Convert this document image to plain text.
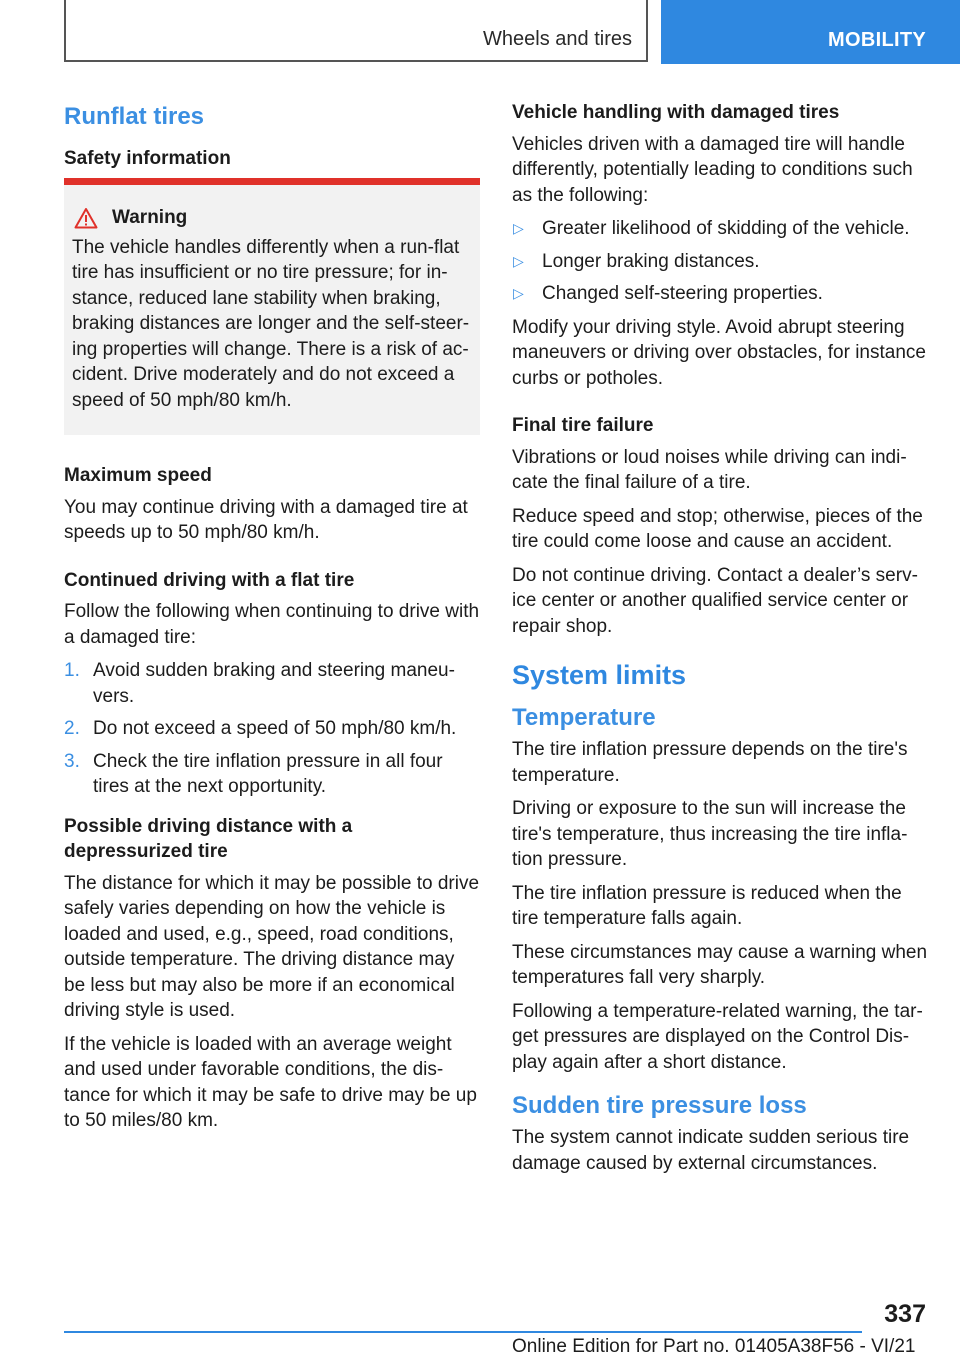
Wheels and tires	MOBILITY
Runflat tires
Safety information
Warning

The vehicle handles differently when a run-flat tire has insufficient or no tire pressure; for in-stance, reduced lane stability when braking, braking distances are longer and the self-steer-ing properties will change. There is a risk of ac-cident. Drive moderately and do not exceed a speed of 50 mph/80 km/h.

Maximum speed

You may continue driving with a damaged tire at speeds up to 50 mph/80 km/h.

Continued driving with a flat tire

Follow the following when continuing to drive with a damaged tire:

1. Avoid sudden braking and steering maneu-vers.
2. Do not exceed a speed of 50 mph/80 km/h.
3. Check the tire inflation pressure in all four tires at the next opportunity.
Possible driving distance with a depressurized tire

The distance for which it may be possible to drive safely varies depending on how the vehicle is loaded and used, e.g., speed, road conditions, outside temperature. The driving distance may be less but may also be more if an economical driving style is used.

If the vehicle is loaded with an average weight and used under favorable conditions, the dis-tance for which it may be safe to drive may be up to 50 miles/80 km.

Vehicle handling with damaged tires

Vehicles driven with a damaged tire will handle differently, potentially leading to conditions such as the following:

▷ Greater likelihood of skidding of the vehicle.
▷ Longer braking distances.
▷ Changed self-steering properties.

Modify your driving style. Avoid abrupt steering maneuvers or driving over obstacles, for instance curbs or potholes.

Final tire failure

Vibrations or loud noises while driving can indi-cate the final failure of a tire.

Reduce speed and stop; otherwise, pieces of the tire could come loose and cause an accident.

Do not continue driving. Contact a dealer’s serv-ice center or another qualified service center or repair shop.

System limits
Temperature

The tire inflation pressure depends on the tire's temperature.

Driving or exposure to the sun will increase the tire's temperature, thus increasing the tire infla-tion pressure.

The tire inflation pressure is reduced when the tire temperature falls again.

These circumstances may cause a warning when temperatures fall very sharply.

Following a temperature-related warning, the tar-get pressures are displayed on the Control Dis-play again after a short distance.

Sudden tire pressure loss

The system cannot indicate sudden serious tire damage caused by external circumstances.

337
Online Edition for Part no. 01405A38F56 - VI/21
